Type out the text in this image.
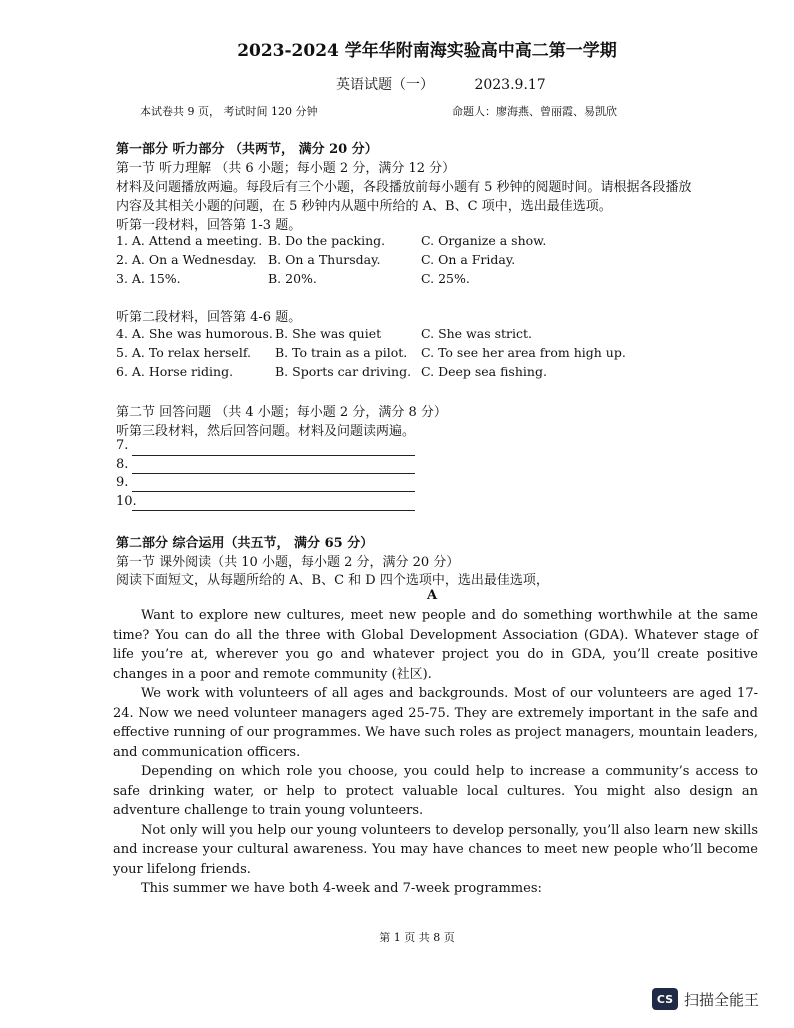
2023-2024 学年华附南海实验高中高二第一学期
英语试题（一）	2023.9.17
本试卷共 9 页， 考试时间 120 分钟	命题人：廖海燕、曾丽霞、易凯欣
第一部分 听力部分 （共两节， 满分 20 分）
第一节 听力理解 （共 6 小题；每小题 2 分，满分 12 分）
材料及问题播放两遍。每段后有三个小题，各段播放前每小题有 5 秒钟的阅题时间。请根据各段播放
内容及其相关小题的问题，在 5 秒钟内从题中所给的 A、B、C 项中，选出最佳选项。
听第一段材料，回答第 1-3 题。
1. A. Attend a meeting. B. Do the packing.	C. Organize a show.
2. A. On a Wednesday. B. On a Thursday.	C. On a Friday.
3. A. 15%.	B. 20%.	C. 25%.
听第二段材料，回答第 4-6 题。
4. A. She was humorous. B. She was quiet	C. She was strict.
5. A. To relax herself. B. To train as a pilot. C. To see her area from high up.
6. A. Horse riding.	B. Sports car driving. C. Deep sea fishing.
第二节 回答问题 （共 4 小题；每小题 2 分，满分 8 分）
听第三段材料，然后回答问题。材料及问题读两遍。
7.
8.
9.
10.
第二部分 综合运用（共五节， 满分 65 分）
第一节 课外阅读（共 10 小题，每小题 2 分，满分 20 分）
阅读下面短文，从每题所给的 A、B、C 和 D 四个选项中，选出最佳选项，
A

Want to explore new cultures, meet new people and do something worthwhile at the same time? You can do all the three with Global Development Association (GDA). Whatever stage of life you’re at, wherever you go and whatever project you do in GDA, you’ll create positive changes in a poor and remote community (社区).

We work with volunteers of all ages and backgrounds. Most of our volunteers are aged 17-24. Now we need volunteer managers aged 25-75. They are extremely important in the safe and effective running of our programmes. We have such roles as project managers, mountain leaders, and communication officers.

Depending on which role you choose, you could help to increase a community’s access to safe drinking water, or help to protect valuable local cultures. You might also design an adventure challenge to train young volunteers.

Not only will you help our young volunteers to develop personally, you’ll also learn new skills and increase your cultural awareness. You may have chances to meet new people who’ll become your lifelong friends.

This summer we have both 4-week and 7-week programmes:

第 1 页 共 8 页
CS 扫描全能王
